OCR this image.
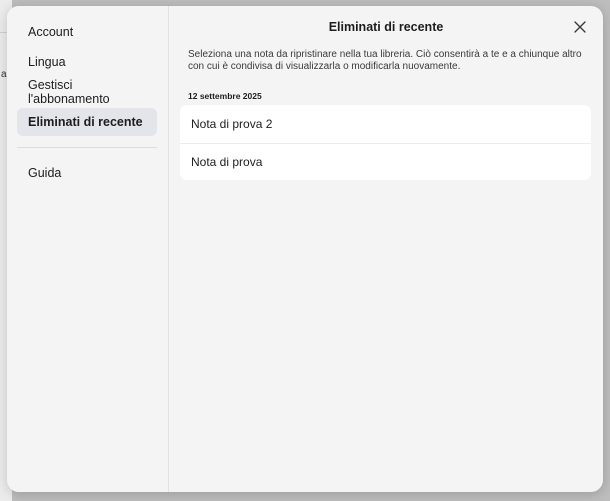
a
Account
Lingua
Gestisci l'abbonamento
Eliminati di recente
Guida
Eliminati di recente

Seleziona una nota da ripristinare nella tua libreria. Ciò consentirà a te e a chiunque altro con cui è condivisa di visualizzarla o modificarla nuovamente.

12 settembre 2025
Nota di prova 2
Nota di prova
